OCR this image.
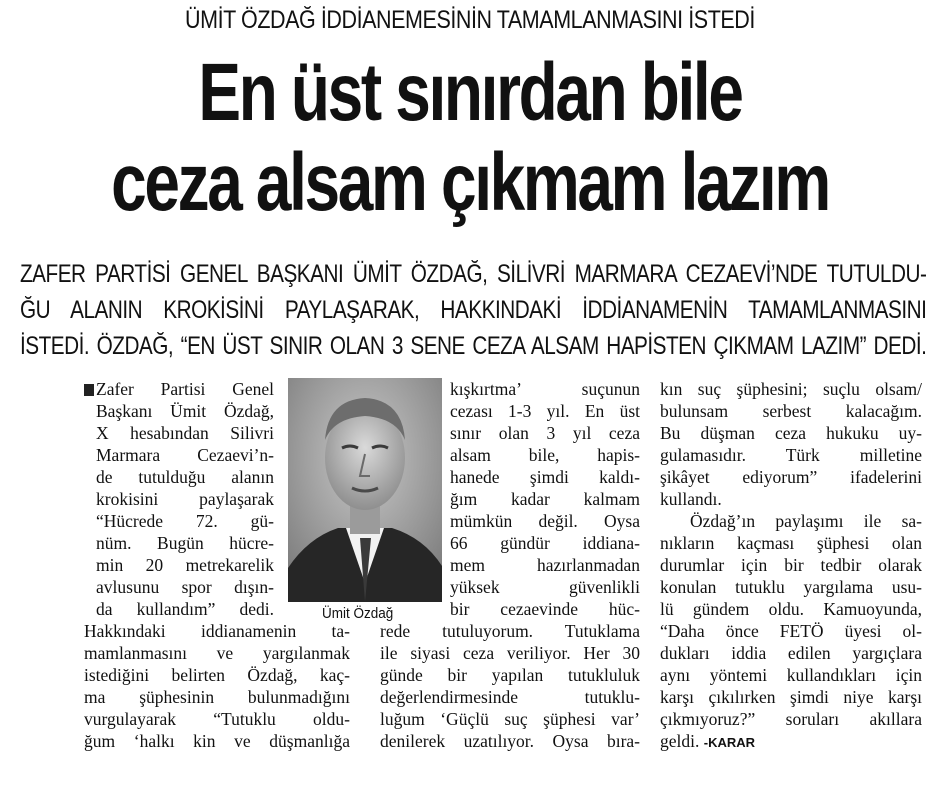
ÜMİT ÖZDAĞ İDDİANEMESİNİN TAMAMLANMASINI İSTEDİ
En üst sınırdan bile
ceza alsam çıkmam lazım
ZAFER PARTİSİ GENEL BAŞKANI ÜMİT ÖZDAĞ, SİLİVRİ MARMARA CEZAEVİ’NDE TUTULDU-
ĞU ALANIN KROKİSİNİ PAYLAŞARAK, HAKKINDAKİ İDDİANAMENİN TAMAMLANMASINI
İSTEDİ. ÖZDAĞ, “EN ÜST SINIR OLAN 3 SENE CEZA ALSAM HAPİSTEN ÇIKMAM LAZIM” DEDİ.
Zafer Partisi Genel
Başkanı Ümit Özdağ,
X hesabından Silivri
Marmara Cezaevi’n-
de tutulduğu alanın
krokisini paylaşarak
“Hücrede 72. gü-
nüm. Bugün hücre-
min 20 metrekarelik
avlusunu spor dışın-
da kullandım” dedi.
Hakkındaki iddianamenin ta-
mamlanmasını ve yargılanmak
istediğini belirten Özdağ, kaç-
ma şüphesinin bulunmadığını
vurgulayarak “Tutuklu oldu-
ğum ‘halkı kin ve düşmanlığa
Ümit Özdağ
kışkırtma’ suçunun
cezası 1-3 yıl. En üst
sınır olan 3 yıl ceza
alsam bile, hapis-
hanede şimdi kaldı-
ğım kadar kalmam
mümkün değil. Oysa
66 gündür iddiana-
mem hazırlanmadan
yüksek güvenlikli
bir cezaevinde hüc-
rede tutuluyorum. Tutuklama
ile siyasi ceza veriliyor. Her 30
günde bir yapılan tutukluluk
değerlendirmesinde tutuklu-
luğum ‘Güçlü suç şüphesi var’
denilerek uzatılıyor. Oysa bıra-
kın suç şüphesini; suçlu olsam/
bulunsam serbest kalacağım.
Bu düşman ceza hukuku uy-
gulamasıdır. Türk milletine
şikâyet ediyorum” ifadelerini
kullandı.
Özdağ’ın paylaşımı ile sa-
nıkların kaçması şüphesi olan
durumlar için bir tedbir olarak
konulan tutuklu yargılama usu-
lü gündem oldu. Kamuoyunda,
“Daha önce FETÖ üyesi ol-
dukları iddia edilen yargıçlara
aynı yöntemi kullandıkları için
karşı çıkılırken şimdi niye karşı
çıkmıyoruz?” soruları akıllara
geldi. -KARAR
